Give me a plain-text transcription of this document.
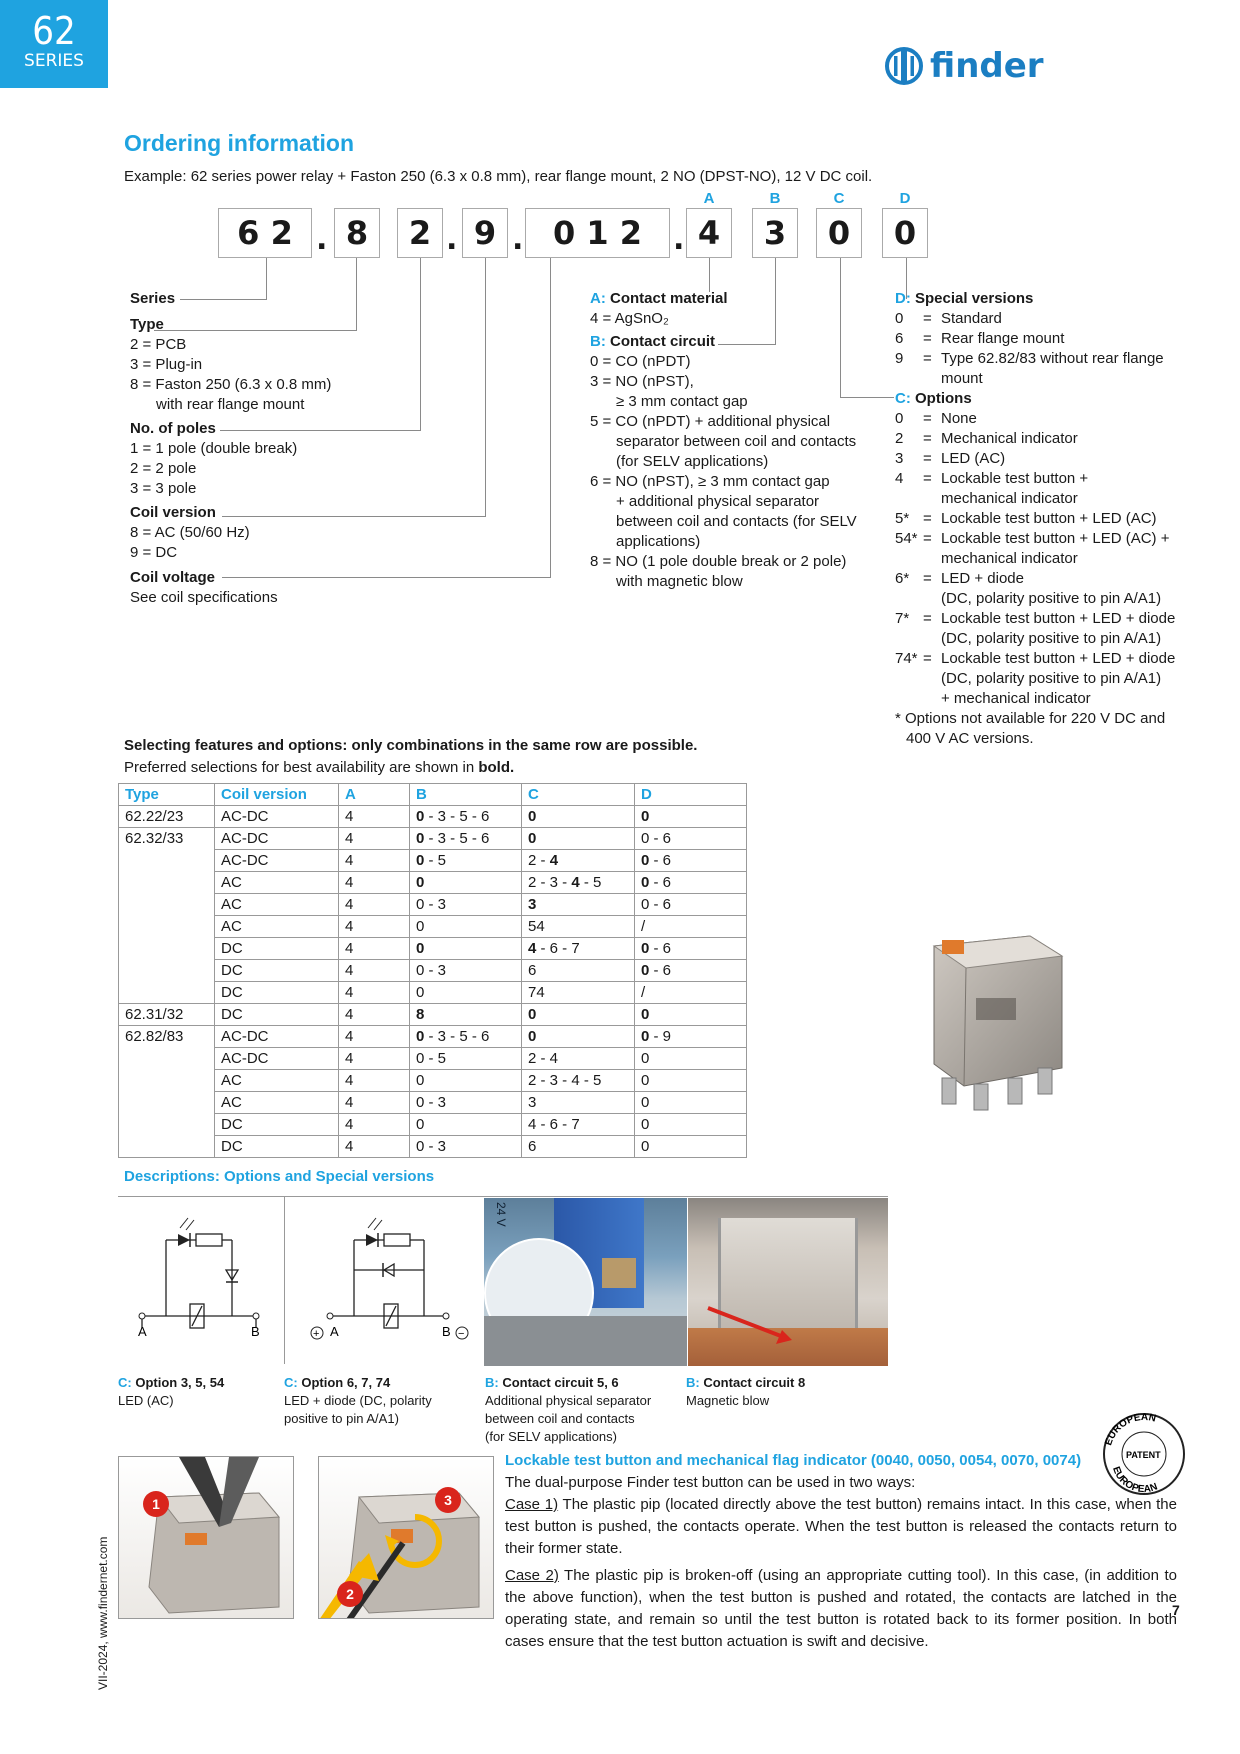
62
SERIES	finder
Ordering information
Example: 62 series power relay + Faston 250 (6.3 x 0.8 mm), rear flange mount, 2 NO (DPST-NO), 12 V DC coil.
6 2 . 8	2 . 9 . 0 1 2	. 4	3	0	0
A	B	C	D
Series
Type
2 = PCB
3 = Plug-in
8 = Faston 250 (6.3 x 0.8 mm)
with rear flange mount
No. of poles
1 = 1 pole (double break)
2 = 2 pole
3 = 3 pole
Coil version
8 = AC (50/60 Hz)
9 = DC
Coil voltage
See coil specifications
A: Contact material
4 = AgSnO₂
B: Contact circuit
0 = CO (nPDT)
3 = NO (nPST),
≥ 3 mm contact gap
5 = CO (nPDT) + additional physical
separator between coil and contacts
(for SELV applications)
6 = NO (nPST), ≥ 3 mm contact gap
+ additional physical separator
between coil and contacts (for SELV
applications)
8 = NO (1 pole double break or 2 pole)
with magnetic blow
D: Special versions
0	= Standard
6	= Rear flange mount
9	= Type 62.82/83 without rear flange
mount
C: Options
0	= None
2	= Mechanical indicator
3	= LED (AC)
4	= Lockable test button +
mechanical indicator
5* = Lockable test button + LED (AC)
54* = Lockable test button + LED (AC) +
mechanical indicator
6* = LED + diode
(DC, polarity positive to pin A/A1)
7* = Lockable test button + LED + diode
(DC, polarity positive to pin A/A1)
74* = Lockable test button + LED + diode
(DC, polarity positive to pin A/A1)
+ mechanical indicator
* Options not available for 220 V DC and
400 V AC versions.
Selecting features and options: only combinations in the same row are possible.
Preferred selections for best availability are shown in bold.
Type	Coil version	A	B	C	D
62.22/23	AC-DC	4	0 - 3 - 5 - 6	0	0
62.32/33	AC-DC	4	0 - 3 - 5 - 6	0	0 - 6
	AC-DC	4	0 - 5	2 - 4	0 - 6
	AC	4	0	2 - 3 - 4 - 5	0 - 6
	AC	4	0 - 3	3	0 - 6
	AC	4	0	54	/
	DC	4	0	4 - 6 - 7	0 - 6
	DC	4	0 - 3	6	0 - 6
	DC	4	0	74	/
62.31/32	DC	4	8	0	0
62.82/83	AC-DC	4	0 - 3 - 5 - 6	0	0 - 9
	AC-DC	4	0 - 5	2 - 4	0
	AC	4	0	2 - 3 - 4 - 5	0
	AC	4	0 - 3	3	0
	DC	4	0	4 - 6 - 7	0
	DC	4	0 - 3	6	0
Descriptions: Options and Special versions
A	B	+ A	B −
24 V
C: Option 3, 5, 54
LED (AC)
C: Option 6, 7, 74
LED + diode (DC, polarity
positive to pin A/A1)
B: Contact circuit 5, 6
Additional physical separator
between coil and contacts
(for SELV applications)
B: Contact circuit 8
Magnetic blow
1	3
2
EUROPEAN
PATENT
EUROPEAN
Lockable test button and mechanical flag indicator (0040, 0050, 0054, 0070, 0074)
The dual-purpose Finder test button can be used in two ways:
Case 1) The plastic pip (located directly above the test button) remains intact. In this case, when the test button is pushed, the contacts operate. When the test button is released the contacts return to their former state.
Case 2) The plastic pip is broken-off (using an appropriate cutting tool). In this case, (in addition to the above function), when the test button is pushed and rotated, the contacts are latched in the operating state, and remain so until the test button is rotated back to its former position. In both cases ensure that the test button actuation is swift and decisive.
VII-2024, www.findernet.com	7
